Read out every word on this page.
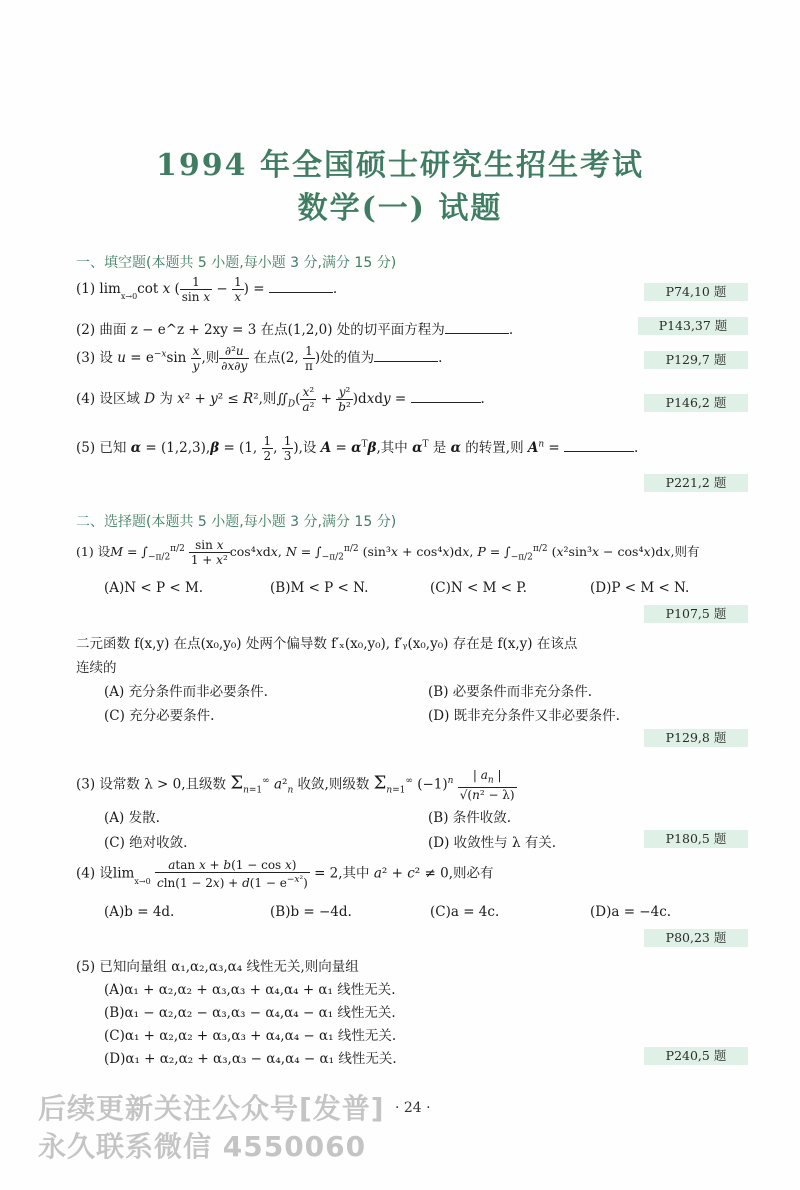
1994 年全国硕士研究生招生考试
数学(一) 试题
一、填空题(本题共 5 小题,每小题 3 分,满分 15 分)
(1) $\lim_{x\to 0}\cot$ x ( $\frac{1}{\text{sin x}} - \frac{1}{x}$ ) =	.	P74,10 题
(2) 曲面 z − e^z + 2xy = 3 在点(1,2,0) 处的切平面方程为	.	P143,37 题
(3) 设 $u = e^{-x}\sin \frac{x}{y}$ ,则 $\frac{\text{∂²u}}{\partial x\partial y}$ 在点(2, $\frac{1}{\pi}$ )处的值为	.	P129,7 题
(4) 设区域 D 为 x² + y² ≤ R²,则$∬_D( \frac{\text{x²}}{\text{a²}} + \frac{\text{y²}}{\text{b²}}$ )dxdy =	.	P146,2 题
(5) 已知 α = (1,2,3),β = (1, $\frac{1}{2}$ , $\frac{1}{3}$ ),设 $A = \alpha^T\beta$,其中 $\alpha^T$ 是 α 的转置,则 $A^n$ =	.
P221,2 题
二、选择题(本题共 5 小题,每小题 3 分,满分 15 分)
(1) 设$M = \int_{-\pi/2}^{\pi/2} \frac{\text{sin x}}{\text{1 + x²}} \cos^4xdx$, $N = \int_{-\pi/2}^{\pi/2}$ (sin³x + cos⁴x)dx, $P = \int_{-\pi/2}^{\pi/2}$ (x²sin³x − cos⁴x)dx,则有
(A)N < P < M.	(B)M < P < N.	(C)N < M < P.	(D)P < M < N.
P107,5 题
二元函数 f(x,y) 在点(x₀,y₀) 处两个偏导数 f′ₓ(x₀,y₀), f′ᵧ(x₀,y₀) 存在是 f(x,y) 在该点
连续的
(A) 充分条件而非必要条件.	(B) 必要条件而非充分条件.
(C) 充分必要条件.	(D) 既非充分条件又非必要条件.
P129,8 题
(3) 设常数 λ > 0,且级数 $\Sigma_{n=1}^\infty$ $a^2_n$ 收敛,则级数 $\Sigma_{n=1}^\infty$ $(-1)^n \frac{| a_n |}{\text{√(n² − λ)}}$
(A) 发散.	(B) 条件收敛.
(C) 绝对收敛.	(D) 收敛性与 λ 有关.	P180,5 题
(4) 设$\lim_{x\to 0} \frac{\text{atan x + b(1 − cos x)}}{cln(1 - 2x) + d(1 - e^{-x^2})} = 2$,其中 a² + c² ≠ 0,则必有
(A)b = 4d.	(B)b = −4d.	(C)a = 4c.	(D)a = −4c.
P80,23 题
(5) 已知向量组 α₁,α₂,α₃,α₄ 线性无关,则向量组
(A)α₁ + α₂,α₂ + α₃,α₃ + α₄,α₄ + α₁ 线性无关.
(B)α₁ − α₂,α₂ − α₃,α₃ − α₄,α₄ − α₁ 线性无关.
(C)α₁ + α₂,α₂ + α₃,α₃ + α₄,α₄ − α₁ 线性无关.
(D)α₁ + α₂,α₂ + α₃,α₃ − α₄,α₄ − α₁ 线性无关.	P240,5 题
后续更新关注公众号[发普] · 24 ·
永久联系微信 4550060
